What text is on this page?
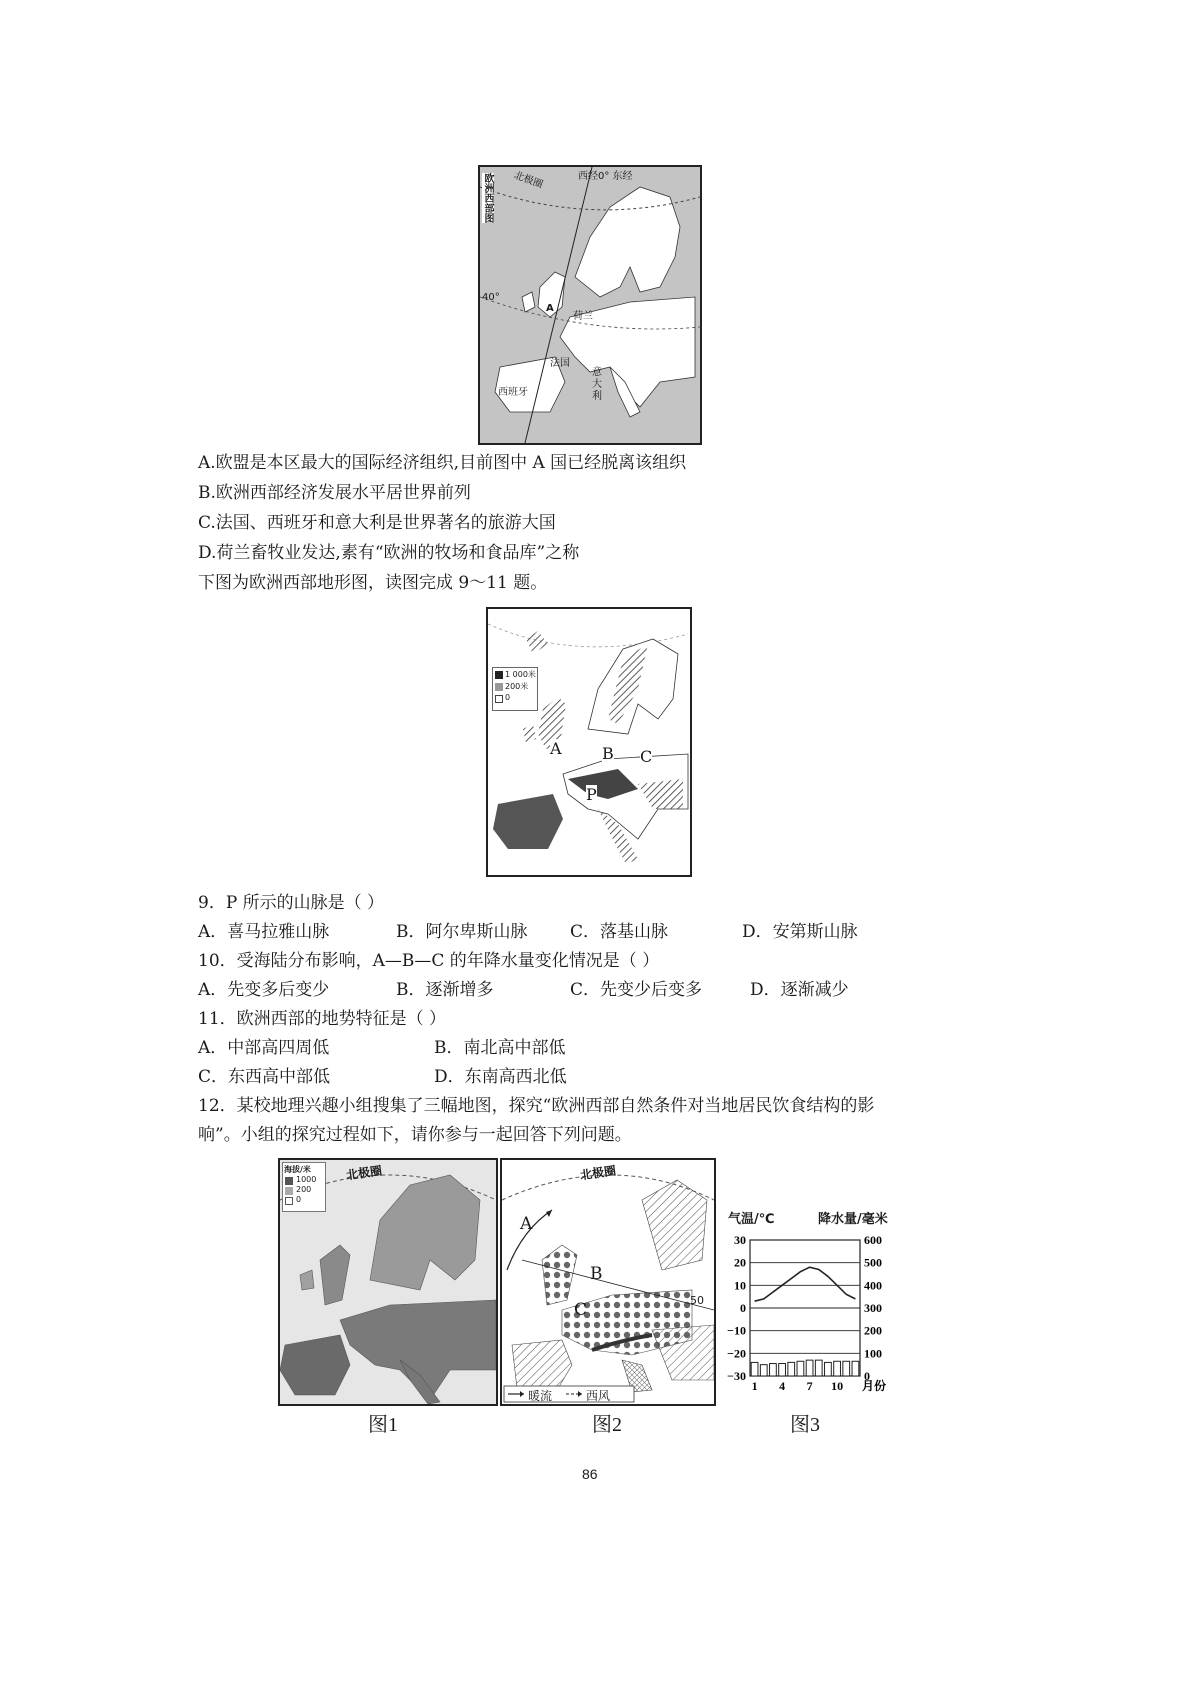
欧洲西部图	西经0° 东经
北极圈
40°
A
荷兰
法国
意大利
西班牙
A.欧盟是本区最大的国际经济组织,目前图中 A 国已经脱离该组织
B.欧洲西部经济发展水平居世界前列
C.法国、西班牙和意大利是世界著名的旅游大国
D.荷兰畜牧业发达,素有“欧洲的牧场和食品库”之称
下图为欧洲西部地形图，读图完成 9～11 题。
1 000米
200米
0
A	B C
P
9．P 所示的山脉是（ ）
A．喜马拉雅山脉	B．阿尔卑斯山脉	C．落基山脉	D．安第斯山脉
10．受海陆分布影响，A—B—C 的年降水量变化情况是（ ）
A．先变多后变少	B．逐渐增多	C．先变少后变多	D．逐渐减少
11．欧洲西部的地势特征是（ ）
A．中部高四周低	B．南北高中部低
C．东西高中部低	D．东南高西北低
12．某校地理兴趣小组搜集了三幅地图，探究“欧洲西部自然条件对当地居民饮食结构的影
响”。小组的探究过程如下，请你参与一起回答下列问题。
海拔/米
1000
200
0
北极圈
图1
北极圈
A
B
C	50
暖流	西风
图2
30
20
10
0
−10
−20
−30
600
500
400
300
200
100
0
1 4 7 10 月份
气温/℃	降水量/毫米
图3
86
